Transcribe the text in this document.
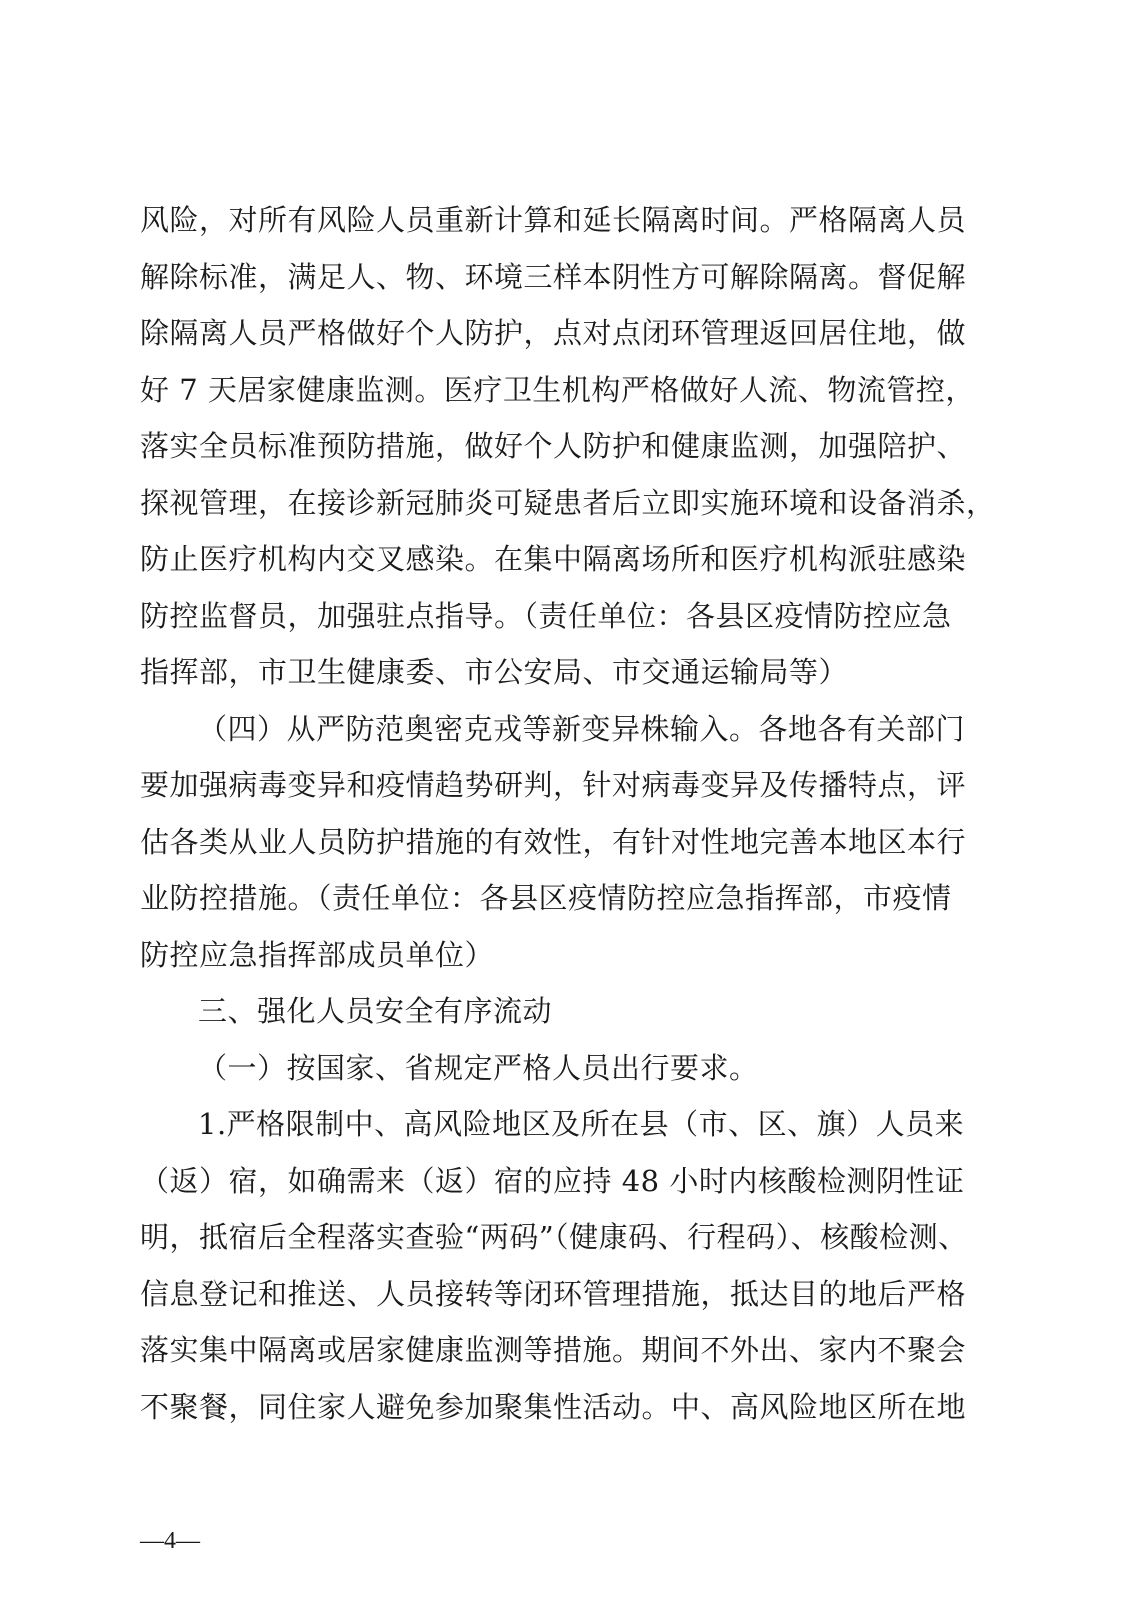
风险，对所有风险人员重新计算和延长隔离时间。严格隔离人员
解除标准，满足人、物、环境三样本阴性方可解除隔离。督促解
除隔离人员严格做好个人防护，点对点闭环管理返回居住地，做
好 7 天居家健康监测。医疗卫生机构严格做好人流、物流管控，
落实全员标准预防措施，做好个人防护和健康监测，加强陪护、
探视管理，在接诊新冠肺炎可疑患者后立即实施环境和设备消杀，
防止医疗机构内交叉感染。在集中隔离场所和医疗机构派驻感染
防控监督员，加强驻点指导。（责任单位：各县区疫情防控应急
指挥部，市卫生健康委、市公安局、市交通运输局等）
（四）从严防范奥密克戎等新变异株输入。各地各有关部门
要加强病毒变异和疫情趋势研判，针对病毒变异及传播特点，评
估各类从业人员防护措施的有效性，有针对性地完善本地区本行
业防控措施。（责任单位：各县区疫情防控应急指挥部，市疫情
防控应急指挥部成员单位）
三、强化人员安全有序流动
（一）按国家、省规定严格人员出行要求。
1.严格限制中、高风险地区及所在县（市、区、旗）人员来
（返）宿，如确需来（返）宿的应持 48 小时内核酸检测阴性证
明，抵宿后全程落实查验“两码”（健康码、行程码）、核酸检测、
信息登记和推送、人员接转等闭环管理措施，抵达目的地后严格
落实集中隔离或居家健康监测等措施。期间不外出、家内不聚会
不聚餐，同住家人避免参加聚集性活动。中、高风险地区所在地
—4—
